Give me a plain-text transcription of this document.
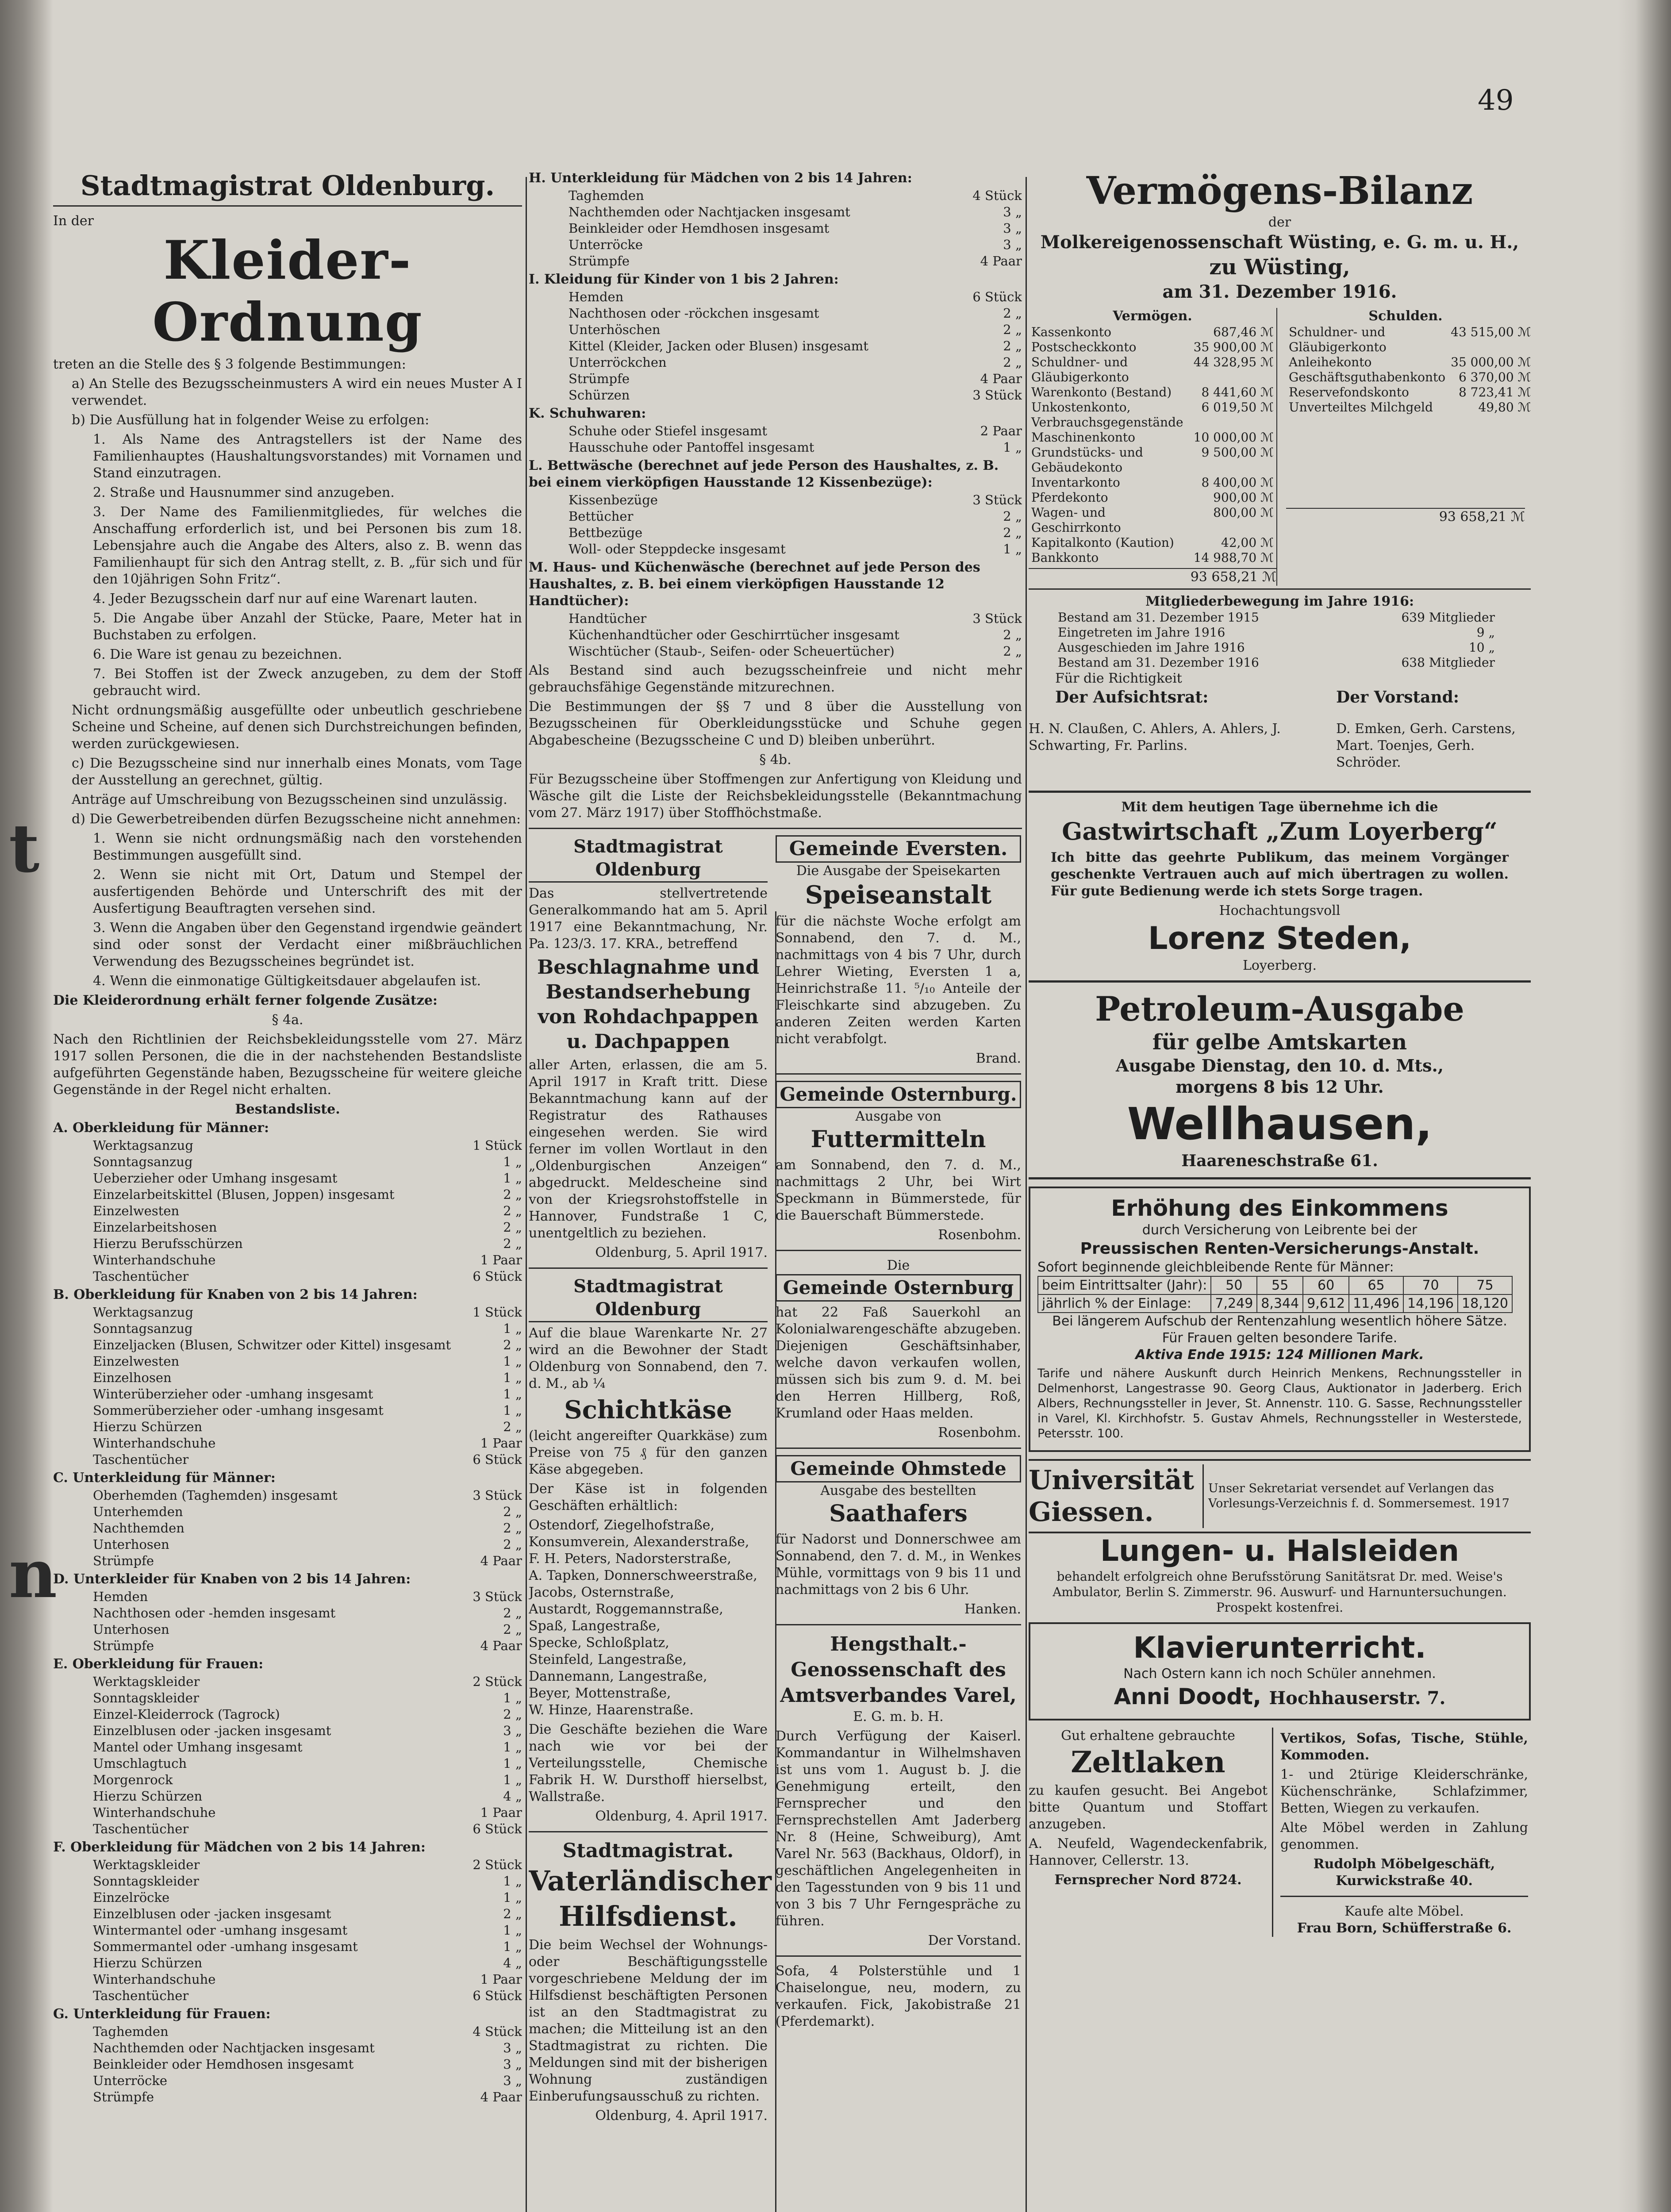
t
n
49
Stadtmagistrat Oldenburg.

In der

Kleider-Ordnung

treten an die Stelle des § 3 folgende Bestimmungen:

a) An Stelle des Bezugsscheinmusters A wird ein neues Muster A I verwendet.

b) Die Ausfüllung hat in folgender Weise zu erfolgen:

1. Als Name des Antragstellers ist der Name des Familienhauptes (Haushaltungsvorstandes) mit Vornamen und Stand einzutragen.

2. Straße und Hausnummer sind anzugeben.

3. Der Name des Familienmitgliedes, für welches die Anschaffung erforderlich ist, und bei Personen bis zum 18. Lebensjahre auch die Angabe des Alters, also z. B. wenn das Familienhaupt für sich den Antrag stellt, z. B. „für sich und für den 10jährigen Sohn Fritz“.

4. Jeder Bezugsschein darf nur auf eine Warenart lauten.

5. Die Angabe über Anzahl der Stücke, Paare, Meter hat in Buchstaben zu erfolgen.

6. Die Ware ist genau zu bezeichnen.

7. Bei Stoffen ist der Zweck anzugeben, zu dem der Stoff gebraucht wird.

Nicht ordnungsmäßig ausgefüllte oder unbeutlich geschriebene Scheine und Scheine, auf denen sich Durchstreichungen befinden, werden zurückgewiesen.

c) Die Bezugsscheine sind nur innerhalb eines Monats, vom Tage der Ausstellung an gerechnet, gültig.

Anträge auf Umschreibung von Bezugsscheinen sind unzulässig.

d) Die Gewerbetreibenden dürfen Bezugsscheine nicht annehmen:

1. Wenn sie nicht ordnungsmäßig nach den vorstehenden Bestimmungen ausgefüllt sind.

2. Wenn sie nicht mit Ort, Datum und Stempel der ausfertigenden Behörde und Unterschrift des mit der Ausfertigung Beauftragten versehen sind.

3. Wenn die Angaben über den Gegenstand irgendwie geändert sind oder sonst der Verdacht einer mißbräuchlichen Verwendung des Bezugsscheines begründet ist.

4. Wenn die einmonatige Gültigkeitsdauer abgelaufen ist.

Die Kleiderordnung erhält ferner folgende Zusätze:

§ 4a.

Nach den Richtlinien der Reichsbekleidungsstelle vom 27. März 1917 sollen Personen, die die in der nachstehenden Bestandsliste aufgeführten Gegenstände haben, Bezugsscheine für weitere gleiche Gegenstände in der Regel nicht erhalten.

Bestandsliste.

A. Oberkleidung für Männer:
Werktagsanzug	1 Stück
Sonntagsanzug	1 „
Ueberzieher oder Umhang insgesamt	1 „
Einzelarbeitskittel (Blusen, Joppen) insgesamt	2 „
Einzelwesten	2 „
Einzelarbeitshosen	2 „
Hierzu Berufsschürzen	2 „
Winterhandschuhe	1 Paar
Taschentücher	6 Stück
B. Oberkleidung für Knaben von 2 bis 14 Jahren:
Werktagsanzug	1 Stück
Sonntagsanzug	1 „
Einzeljacken (Blusen, Schwitzer oder Kittel) insgesamt	2 „
Einzelwesten	1 „
Einzelhosen	1 „
Winterüberzieher oder -umhang insgesamt	1 „
Sommerüberzieher oder -umhang insgesamt	1 „
Hierzu Schürzen	2 „
Winterhandschuhe	1 Paar
Taschentücher	6 Stück
C. Unterkleidung für Männer:
Oberhemden (Taghemden) insgesamt	3 Stück
Unterhemden	2 „
Nachthemden	2 „
Unterhosen	2 „
Strümpfe	4 Paar
D. Unterkleider für Knaben von 2 bis 14 Jahren:
Hemden	3 Stück
Nachthosen oder -hemden insgesamt	2 „
Unterhosen	2 „
Strümpfe	4 Paar
E. Oberkleidung für Frauen:
Werktagskleider	2 Stück
Sonntagskleider	1 „
Einzel-Kleiderrock (Tagrock)	2 „
Einzelblusen oder -jacken insgesamt	3 „
Mantel oder Umhang insgesamt	1 „
Umschlagtuch	1 „
Morgenrock	1 „
Hierzu Schürzen	4 „
Winterhandschuhe	1 Paar
Taschentücher	6 Stück
F. Oberkleidung für Mädchen von 2 bis 14 Jahren:
Werktagskleider	2 Stück
Sonntagskleider	1 „
Einzelröcke	1 „
Einzelblusen oder -jacken insgesamt	2 „
Wintermantel oder -umhang insgesamt	1 „
Sommermantel oder -umhang insgesamt	1 „
Hierzu Schürzen	4 „
Winterhandschuhe	1 Paar
Taschentücher	6 Stück
G. Unterkleidung für Frauen:
Taghemden	4 Stück
Nachthemden oder Nachtjacken insgesamt	3 „
Beinkleider oder Hemdhosen insgesamt	3 „
Unterröcke	3 „
Strümpfe	4 Paar
H. Unterkleidung für Mädchen von 2 bis 14 Jahren:
Taghemden	4 Stück
Nachthemden oder Nachtjacken insgesamt	3 „
Beinkleider oder Hemdhosen insgesamt	3 „
Unterröcke	3 „
Strümpfe	4 Paar
I. Kleidung für Kinder von 1 bis 2 Jahren:
Hemden	6 Stück
Nachthosen oder -röckchen insgesamt	2 „
Unterhöschen	2 „
Kittel (Kleider, Jacken oder Blusen) insgesamt	2 „
Unterröckchen	2 „
Strümpfe	4 Paar
Schürzen	3 Stück
K. Schuhwaren:
Schuhe oder Stiefel insgesamt	2 Paar
Hausschuhe oder Pantoffel insgesamt	1 „
L. Bettwäsche (berechnet auf jede Person des Haushaltes, z. B. bei einem vierköpfigen Hausstande 12 Kissenbezüge):
Kissenbezüge	3 Stück
Bettücher	2 „
Bettbezüge	2 „
Woll- oder Steppdecke insgesamt	1 „
M. Haus- und Küchenwäsche (berechnet auf jede Person des Haushaltes, z. B. bei einem vierköpfigen Hausstande 12 Handtücher):
Handtücher	3 Stück
Küchenhandtücher oder Geschirrtücher insgesamt	2 „
Wischtücher (Staub-, Seifen- oder Scheuertücher)	2 „

Als Bestand sind auch bezugsscheinfreie und nicht mehr gebrauchsfähige Gegenstände mitzurechnen.

Die Bestimmungen der §§ 7 und 8 über die Ausstellung von Bezugsscheinen für Oberkleidungsstücke und Schuhe gegen Abgabescheine (Bezugsscheine C und D) bleiben unberührt.

§ 4b.

Für Bezugsscheine über Stoffmengen zur Anfertigung von Kleidung und Wäsche gilt die Liste der Reichsbekleidungsstelle (Bekanntmachung vom 27. März 1917) über Stoffhöchstmaße.

Stadtmagistrat Oldenburg

Das stellvertretende Generalkommando hat am 5. April 1917 eine Bekanntmachung, Nr. Pa. 123/3. 17. KRA., betreffend

Beschlagnahme und Bestandserhebung von Rohdachpappen u. Dachpappen

aller Arten, erlassen, die am 5. April 1917 in Kraft tritt. Diese Bekanntmachung kann auf der Registratur des Rathauses eingesehen werden. Sie wird ferner im vollen Wortlaut in den „Oldenburgischen Anzeigen“ abgedruckt. Meldescheine sind von der Kriegsrohstoffstelle in Hannover, Fundstraße 1 C, unentgeltlich zu beziehen.

Oldenburg, 5. April 1917.

Stadtmagistrat Oldenburg

Auf die blaue Warenkarte Nr. 27 wird an die Bewohner der Stadt Oldenburg von Sonnabend, den 7. d. M., ab ¼

Schichtkäse

(leicht angereifter Quarkkäse) zum Preise von 75 ₰ für den ganzen Käse abgegeben.

Der Käse ist in folgenden Geschäften erhältlich:

Ostendorf, Ziegelhofstraße,

Konsumverein, Alexanderstraße,

F. H. Peters, Nadorsterstraße,

A. Tapken, Donnerschweerstraße,

Jacobs, Osternstraße,

Austardt, Roggemannstraße,

Spaß, Langestraße,

Specke, Schloßplatz,

Steinfeld, Langestraße,

Dannemann, Langestraße,

Beyer, Mottenstraße,

W. Hinze, Haarenstraße.

Die Geschäfte beziehen die Ware nach wie vor bei der Verteilungsstelle, Chemische Fabrik H. W. Dursthoff hierselbst, Wallstraße.

Oldenburg, 4. April 1917.

Stadtmagistrat.
Vaterländischer Hilfsdienst.

Die beim Wechsel der Wohnungs- oder Beschäftigungsstelle vorgeschriebene Meldung der im Hilfsdienst beschäftigten Personen ist an den Stadtmagistrat zu machen; die Mitteilung ist an den Stadtmagistrat zu richten. Die Meldungen sind mit der bisherigen Wohnung zuständigen Einberufungsausschuß zu richten.

Oldenburg, 4. April 1917.

Gemeinde Eversten.

Die Ausgabe der Speisekarten

Speiseanstalt

für die nächste Woche erfolgt am Sonnabend, den 7. d. M., nachmittags von 4 bis 7 Uhr, durch Lehrer Wieting, Eversten 1 a, Heinrichstraße 11. ⁵/₁₀ Anteile der Fleischkarte sind abzugeben. Zu anderen Zeiten werden Karten nicht verabfolgt.

Brand.

Gemeinde Osternburg.

Ausgabe von

Futtermitteln

am Sonnabend, den 7. d. M., nachmittags 2 Uhr, bei Wirt Speckmann in Bümmerstede, für die Bauerschaft Bümmerstede.

Rosenbohm.

Die

Gemeinde Osternburg

hat 22 Faß Sauerkohl an Kolonialwarengeschäfte abzugeben. Diejenigen Geschäftsinhaber, welche davon verkaufen wollen, müssen sich bis zum 9. d. M. bei den Herren Hillberg, Roß, Krumland oder Haas melden.

Rosenbohm.

Gemeinde Ohmstede

Ausgabe des bestellten

Saathafers

für Nadorst und Donnerschwee am Sonnabend, den 7. d. M., in Wenkes Mühle, vormittags von 9 bis 11 und nachmittags von 2 bis 6 Uhr.

Hanken.

Hengsthalt.-Genossenschaft des Amtsverbandes Varel,

E. G. m. b. H.

Durch Verfügung der Kaiserl. Kommandantur in Wilhelmshaven ist uns vom 1. August b. J. die Genehmigung erteilt, den Fernsprecher und den Fernsprechstellen Amt Jaderberg Nr. 8 (Heine, Schweiburg), Amt Varel Nr. 563 (Backhaus, Oldorf), in geschäftlichen Angelegenheiten in den Tagesstunden von 9 bis 11 und von 3 bis 7 Uhr Ferngespräche zu führen.

Der Vorstand.

Sofa, 4 Polsterstühle und 1 Chaiselongue, neu, modern, zu verkaufen. Fick, Jakobistraße 21 (Pferdemarkt).

Vermögens-Bilanz

der

Molkereigenossenschaft Wüsting, e. G. m. u. H.,
zu Wüsting,
am 31. Dezember 1916.

Vermögen.

Kassenkonto	687,46 ℳ
Postscheckkonto	35 900,00 ℳ
Schuldner- und Gläubigerkonto	44 328,95 ℳ
Warenkonto (Bestand)	8 441,60 ℳ
Unkostenkonto, Verbrauchsgegenstände	6 019,50 ℳ
Maschinenkonto	10 000,00 ℳ
Grundstücks- und Gebäudekonto	9 500,00 ℳ
Inventarkonto	8 400,00 ℳ
Pferdekonto	900,00 ℳ
Wagen- und Geschirrkonto	800,00 ℳ
Kapitalkonto (Kaution)	42,00 ℳ
Bankkonto	14 988,70 ℳ

93 658,21 ℳ

Schulden.

Schuldner- und Gläubigerkonto	43 515,00 ℳ
Anleihekonto	35 000,00 ℳ
Geschäftsguthabenkonto	6 370,00 ℳ
Reservefondskonto	8 723,41 ℳ
Unverteiltes Milchgeld	49,80 ℳ

93 658,21 ℳ

Mitgliederbewegung im Jahre 1916:

Bestand am 31. Dezember 1915	639 Mitglieder
Eingetreten im Jahre 1916	9 „
Ausgeschieden im Jahre 1916	10 „
Bestand am 31. Dezember 1916	638 Mitglieder

Für die Richtigkeit

Der Aufsichtsrat:

H. N. Claußen, C. Ahlers, A. Ahlers, J. Schwarting, Fr. Parlins.

Der Vorstand:

D. Emken, Gerh. Carstens, Mart. Toenjes, Gerh. Schröder.

Mit dem heutigen Tage übernehme ich die

Gastwirtschaft „Zum Loyerberg“

Ich bitte das geehrte Publikum, das meinem Vorgänger geschenkte Vertrauen auch auf mich übertragen zu wollen. Für gute Bedienung werde ich stets Sorge tragen.

Hochachtungsvoll

Lorenz Steden,

Loyerberg.

Petroleum-Ausgabe
für gelbe Amtskarten
Ausgabe Dienstag, den 10. d. Mts.,
morgens 8 bis 12 Uhr.
Wellhausen,
Haareneschstraße 61.
Erhöhung des Einkommens

durch Versicherung von Leibrente bei der

Preussischen Renten-Versicherungs-Anstalt.

Sofort beginnende gleichbleibende Rente für Männer:

beim Eintrittsalter (Jahr):	50	55	60	65	70	75
jährlich % der Einlage:	7,249	8,344	9,612	11,496	14,196	18,120

Bei längerem Aufschub der Rentenzahlung wesentlich höhere Sätze.

Für Frauen gelten besondere Tarife.

Aktiva Ende 1915: 124 Millionen Mark.

Tarife und nähere Auskunft durch Heinrich Menkens, Rechnungssteller in Delmenhorst, Langestrasse 90. Georg Claus, Auktionator in Jaderberg. Erich Albers, Rechnungssteller in Jever, St. Annenstr. 110. G. Sasse, Rechnungssteller in Varel, Kl. Kirchhofstr. 5. Gustav Ahmels, Rechnungssteller in Westerstede, Petersstr. 100.

Universität Giessen.

Unser Sekretariat versendet auf Verlangen das Vorlesungs-Verzeichnis f. d. Sommersemest. 1917

Lungen- u. Halsleiden

behandelt erfolgreich ohne Berufsstörung Sanitätsrat Dr. med. Weise's Ambulator, Berlin S. Zimmerstr. 96. Auswurf- und Harnuntersuchungen. Prospekt kostenfrei.

Klavierunterricht.

Nach Ostern kann ich noch Schüler annehmen.

Anni Doodt, Hochhauserstr. 7.

Gut erhaltene gebrauchte

Zeltlaken

zu kaufen gesucht. Bei Angebot bitte Quantum und Stoffart anzugeben.

A. Neufeld, Wagendeckenfabrik, Hannover, Cellerstr. 13.

Fernsprecher Nord 8724.

Vertikos, Sofas, Tische, Stühle, Kommoden.

1- und 2türige Kleiderschränke, Küchenschränke, Schlafzimmer, Betten, Wiegen zu verkaufen.

Alte Möbel werden in Zahlung genommen.

Rudolph Möbelgeschäft, Kurwickstraße 40.

Kaufe alte Möbel.

Frau Born, Schüfferstraße 6.
